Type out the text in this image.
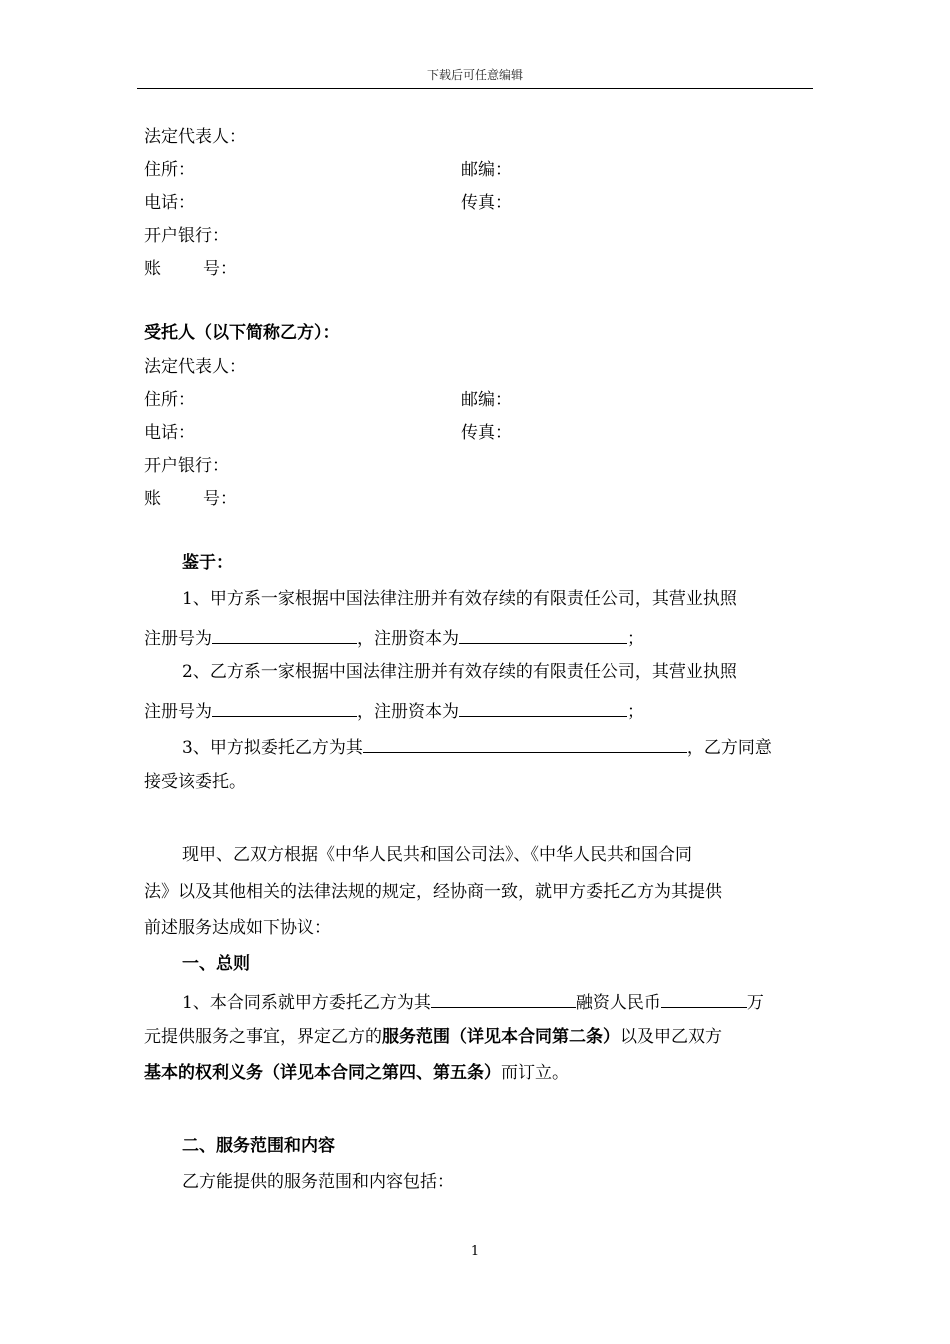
下载后可任意编辑
法定代表人：
住所：	邮编：
电话：	传真：
开户银行：
账 号：
受托人（以下简称乙方）：
法定代表人：
住所：	邮编：
电话：	传真：
开户银行：
账 号：
鉴于：
1、甲方系一家根据中国法律注册并有效存续的有限责任公司，其营业执照
注册号为	，注册资本为	；
2、乙方系一家根据中国法律注册并有效存续的有限责任公司，其营业执照
注册号为	，注册资本为	；
3、甲方拟委托乙方为其	，乙方同意
接受该委托。
现甲、乙双方根据《中华人民共和国公司法》、《中华人民共和国合同
法》以及其他相关的法律法规的规定，经协商一致，就甲方委托乙方为其提供
前述服务达成如下协议：
一、总则
1、本合同系就甲方委托乙方为其	融资人民币	万
元提供服务之事宜，界定乙方的服务范围（详见本合同第二条）以及甲乙双方
基本的权利义务（详见本合同之第四、第五条）而订立。
二、服务范围和内容
乙方能提供的服务范围和内容包括：
1
